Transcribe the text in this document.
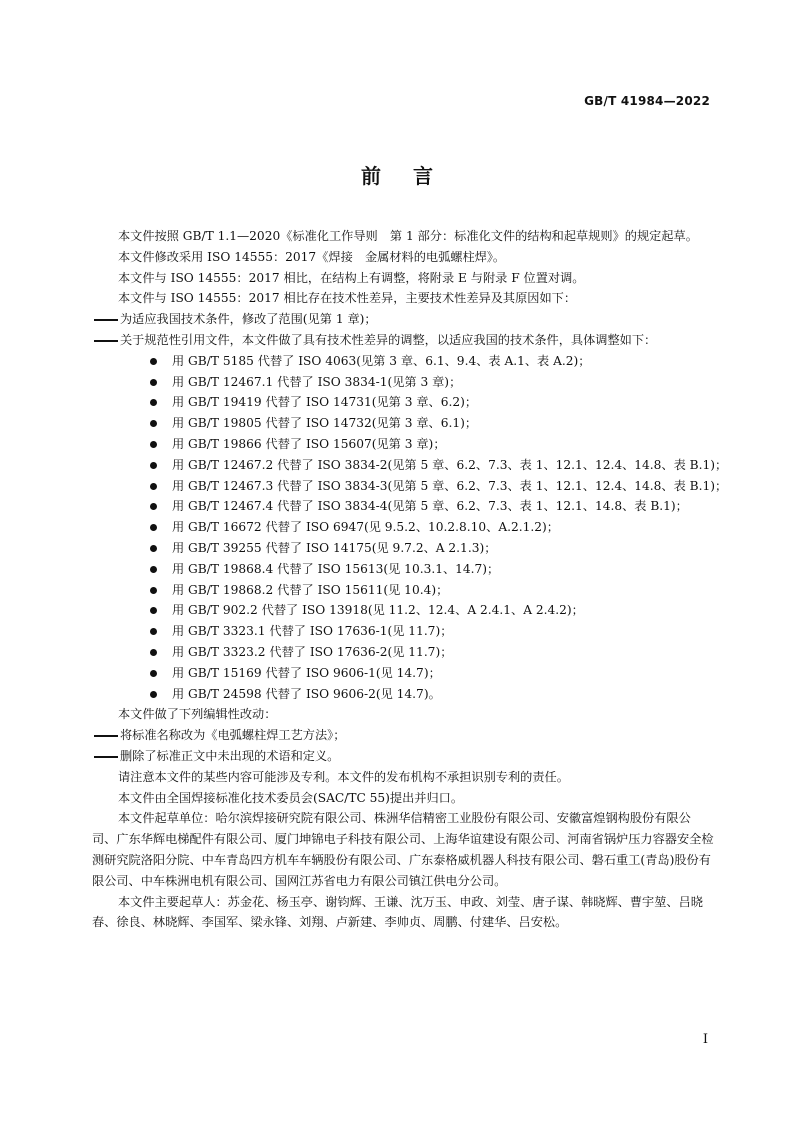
GB/T 41984—2022
前言

本文件按照 GB/T 1.1—2020《标准化工作导则　第 1 部分：标准化文件的结构和起草规则》的规定起草。

本文件修改采用 ISO 14555：2017《焊接　金属材料的电弧螺柱焊》。

本文件与 ISO 14555：2017 相比，在结构上有调整，将附录 E 与附录 F 位置对调。

本文件与 ISO 14555：2017 相比存在技术性差异，主要技术性差异及其原因如下：

为适应我国技术条件，修改了范围(见第 1 章)；

关于规范性引用文件，本文件做了具有技术性差异的调整，以适应我国的技术条件，具体调整如下：

用 GB/T 5185 代替了 ISO 4063(见第 3 章、6.1、9.4、表 A.1、表 A.2)；
用 GB/T 12467.1 代替了 ISO 3834-1(见第 3 章)；
用 GB/T 19419 代替了 ISO 14731(见第 3 章、6.2)；
用 GB/T 19805 代替了 ISO 14732(见第 3 章、6.1)；
用 GB/T 19866 代替了 ISO 15607(见第 3 章)；
用 GB/T 12467.2 代替了 ISO 3834-2(见第 5 章、6.2、7.3、表 1、12.1、12.4、14.8、表 B.1)；
用 GB/T 12467.3 代替了 ISO 3834-3(见第 5 章、6.2、7.3、表 1、12.1、12.4、14.8、表 B.1)；
用 GB/T 12467.4 代替了 ISO 3834-4(见第 5 章、6.2、7.3、表 1、12.1、14.8、表 B.1)；
用 GB/T 16672 代替了 ISO 6947(见 9.5.2、10.2.8.10、A.2.1.2)；
用 GB/T 39255 代替了 ISO 14175(见 9.7.2、A 2.1.3)；
用 GB/T 19868.4 代替了 ISO 15613(见 10.3.1、14.7)；
用 GB/T 19868.2 代替了 ISO 15611(见 10.4)；
用 GB/T 902.2 代替了 ISO 13918(见 11.2、12.4、A 2.4.1、A 2.4.2)；
用 GB/T 3323.1 代替了 ISO 17636-1(见 11.7)；
用 GB/T 3323.2 代替了 ISO 17636-2(见 11.7)；
用 GB/T 15169 代替了 ISO 9606-1(见 14.7)；
用 GB/T 24598 代替了 ISO 9606-2(见 14.7)。

本文件做了下列编辑性改动：

将标准名称改为《电弧螺柱焊工艺方法》；

删除了标准正文中未出现的术语和定义。

请注意本文件的某些内容可能涉及专利。本文件的发布机构不承担识别专利的责任。

本文件由全国焊接标准化技术委员会(SAC/TC 55)提出并归口。

本文件起草单位：哈尔滨焊接研究院有限公司、株洲华信精密工业股份有限公司、安徽富煌钢构股份有限公司、广东华辉电梯配件有限公司、厦门坤锦电子科技有限公司、上海华谊建设有限公司、河南省锅炉压力容器安全检测研究院洛阳分院、中车青岛四方机车车辆股份有限公司、广东泰格威机器人科技有限公司、磐石重工(青岛)股份有限公司、中车株洲电机有限公司、国网江苏省电力有限公司镇江供电分公司。

本文件主要起草人：苏金花、杨玉亭、谢钧辉、王谦、沈万玉、申政、刘莹、唐子谋、韩晓辉、曹宇堃、吕晓春、徐良、林晓辉、李国军、梁永锋、刘翔、卢新建、李帅贞、周鹏、付建华、吕安松。

I
